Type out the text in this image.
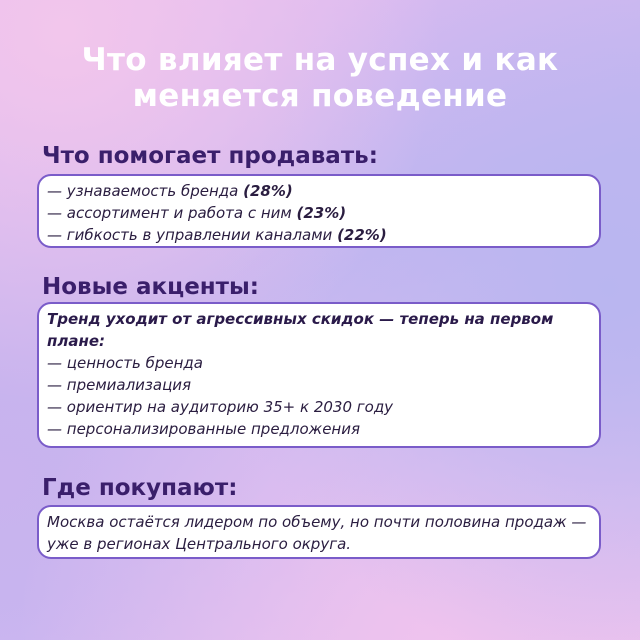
Что влияет на успех и как
меняется поведение
Что помогает продавать:
— узнаваемость бренда (28%)
— ассортимент и работа с ним (23%)
— гибкость в управлении каналами (22%)
Новые акценты:
Тренд уходит от агрессивных скидок — теперь на первом плане:
— ценность бренда
— премиализация
— ориентир на аудиторию 35+ к 2030 году
— персонализированные предложения
Где покупают:
Москва остаётся лидером по объему, но почти половина продаж — уже в регионах Центрального округа.
